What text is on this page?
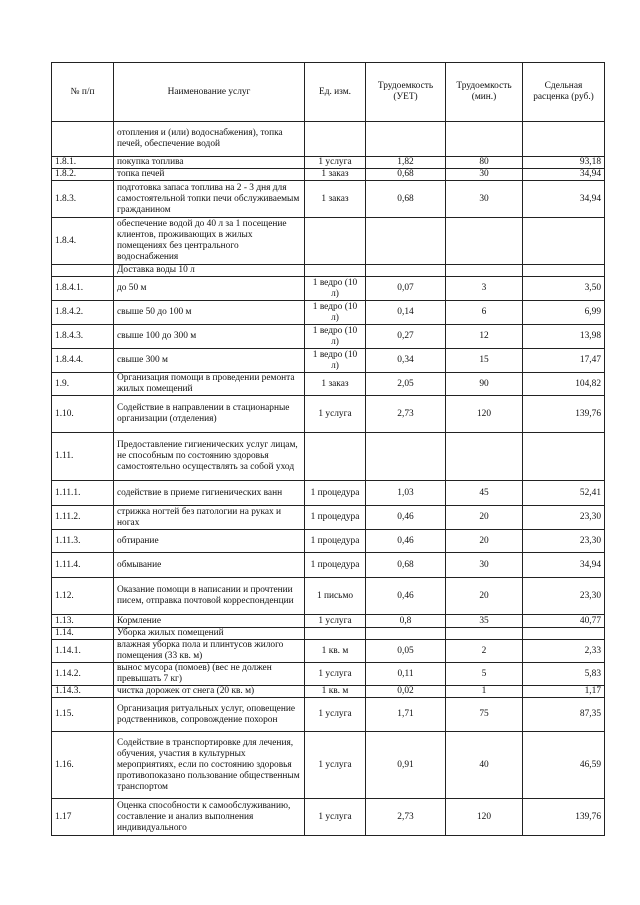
№ п/п	Наименование услуг	Ед. изм.	Трудоемкость (УЕТ)	Трудоемкость (мин.)	Сдельная расценка (руб.)
	отопления и (или) водоснабжения), топка печей, обеспечение водой				
1.8.1.	покупка топлива	1 услуга	1,82	80	93,18
1.8.2.	топка печей	1 заказ	0,68	30	34,94
1.8.3.	подготовка запаса топлива на 2 - 3 дня для самостоятельной топки печи обслуживаемым гражданином	1 заказ	0,68	30	34,94
1.8.4.	обеспечение водой до 40 л за 1 посещение клиентов, проживающих в жилых помещениях без центрального водоснабжения				
	Доставка воды 10 л				
1.8.4.1.	до 50 м	1 ведро (10 л)	0,07	3	3,50
1.8.4.2.	свыше 50 до 100 м	1 ведро (10 л)	0,14	6	6,99
1.8.4.3.	свыше 100 до 300 м	1 ведро (10 л)	0,27	12	13,98
1.8.4.4.	свыше 300 м	1 ведро (10 л)	0,34	15	17,47
1.9.	Организация помощи в проведении ремонта жилых помещений	1 заказ	2,05	90	104,82
1.10.	Содействие в направлении в стационарные организации (отделения)	1 услуга	2,73	120	139,76
1.11.	Предоставление гигиенических услуг лицам, не способным по состоянию здоровья самостоятельно осуществлять за собой уход				
1.11.1.	содействие в приеме гигиенических ванн	1 процедура	1,03	45	52,41
1.11.2.	стрижка ногтей без патологии на руках и ногах	1 процедура	0,46	20	23,30
1.11.3.	обтирание	1 процедура	0,46	20	23,30
1.11.4.	обмывание	1 процедура	0,68	30	34,94
1.12.	Оказание помощи в написании и прочтении писем, отправка почтовой корреспонденции	1 письмо	0,46	20	23,30
1.13.	Кормление	1 услуга	0,8	35	40,77
1.14.	Уборка жилых помещений				
1.14.1.	влажная уборка пола и плинтусов жилого помещения (33 кв. м)	1 кв. м	0,05	2	2,33
1.14.2.	вынос мусора (помоев) (вес не должен превышать 7 кг)	1 услуга	0,11	5	5,83
1.14.3.	чистка дорожек от снега (20 кв. м)	1 кв. м	0,02	1	1,17
1.15.	Организация ритуальных услуг, оповещение родственников, сопровождение похорон	1 услуга	1,71	75	87,35
1.16.	Содействие в транспортировке для лечения, обучения, участия в культурных мероприятиях, если по состоянию здоровья противопоказано пользование общественным транспортом	1 услуга	0,91	40	46,59
1.17	Оценка способности к самообслуживанию, составление и анализ выполнения индивидуального	1 услуга	2,73	120	139,76
